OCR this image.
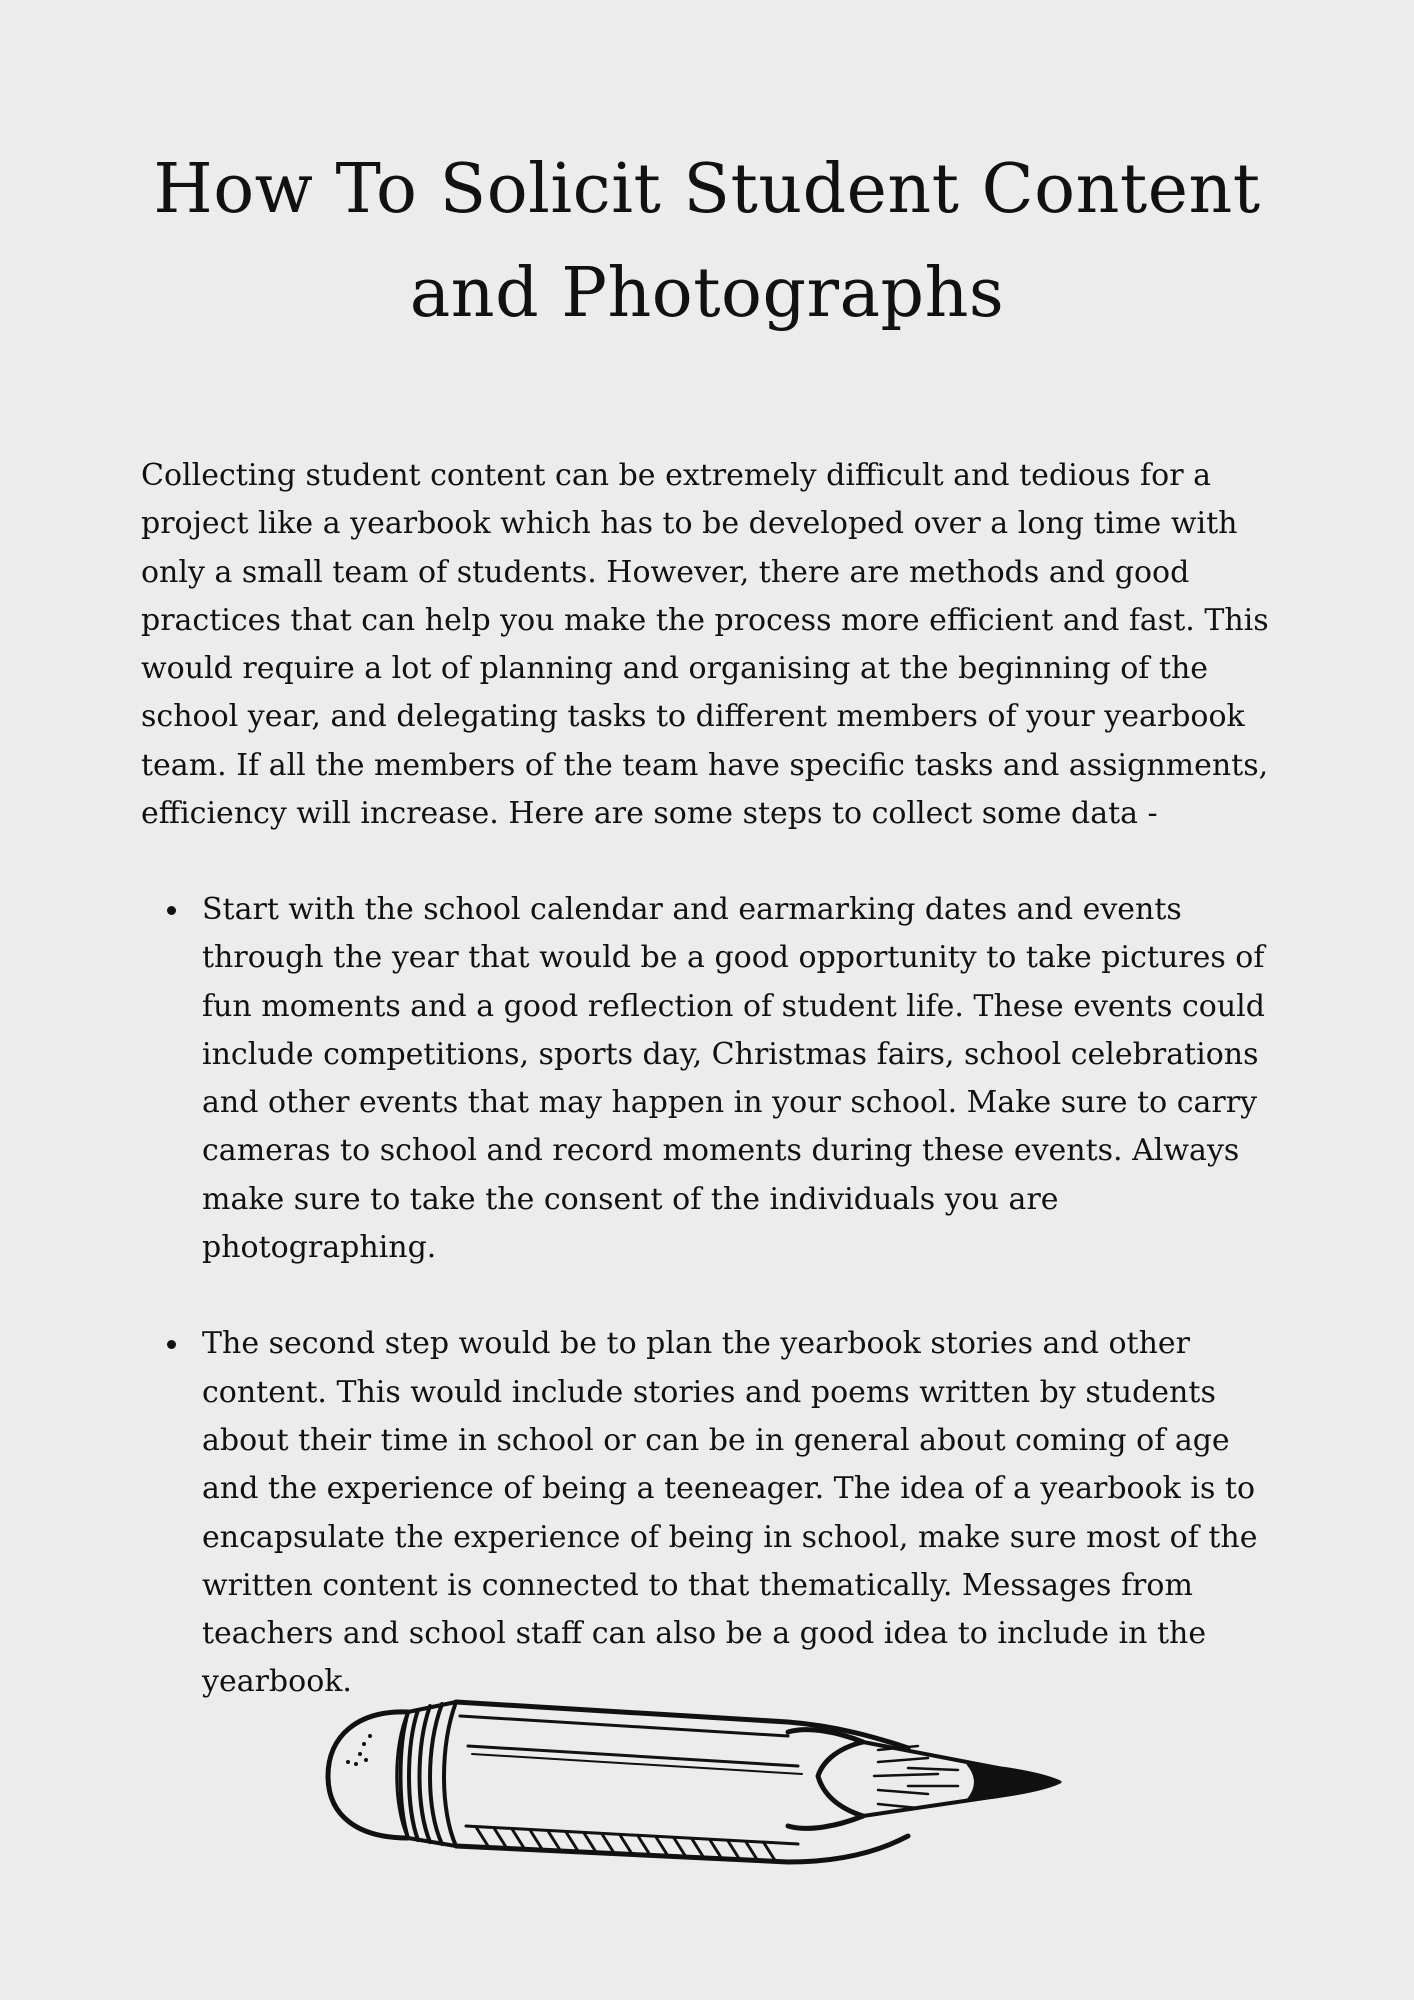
How To Solicit Student Content and Photographs

Collecting student content can be extremely difficult and tedious for a project like a yearbook which has to be developed over a long time with only a small team of students. However, there are methods and good practices that can help you make the process more efficient and fast. This would require a lot of planning and organising at the beginning of the school year, and delegating tasks to different members of your yearbook team. If all the members of the team have specific tasks and assignments, efficiency will increase. Here are some steps to collect some data -

Start with the school calendar and earmarking dates and events through the year that would be a good opportunity to take pictures of fun moments and a good reflection of student life. These events could include competitions, sports day, Christmas fairs, school celebrations and other events that may happen in your school. Make sure to carry cameras to school and record moments during these events. Always make sure to take the consent of the individuals you are photographing.
The second step would be to plan the yearbook stories and other content. This would include stories and poems written by students about their time in school or can be in general about coming of age and the experience of being a teeneager. The idea of a yearbook is to encapsulate the experience of being in school, make sure most of the written content is connected to that thematically. Messages from teachers and school staff can also be a good idea to include in the yearbook.
